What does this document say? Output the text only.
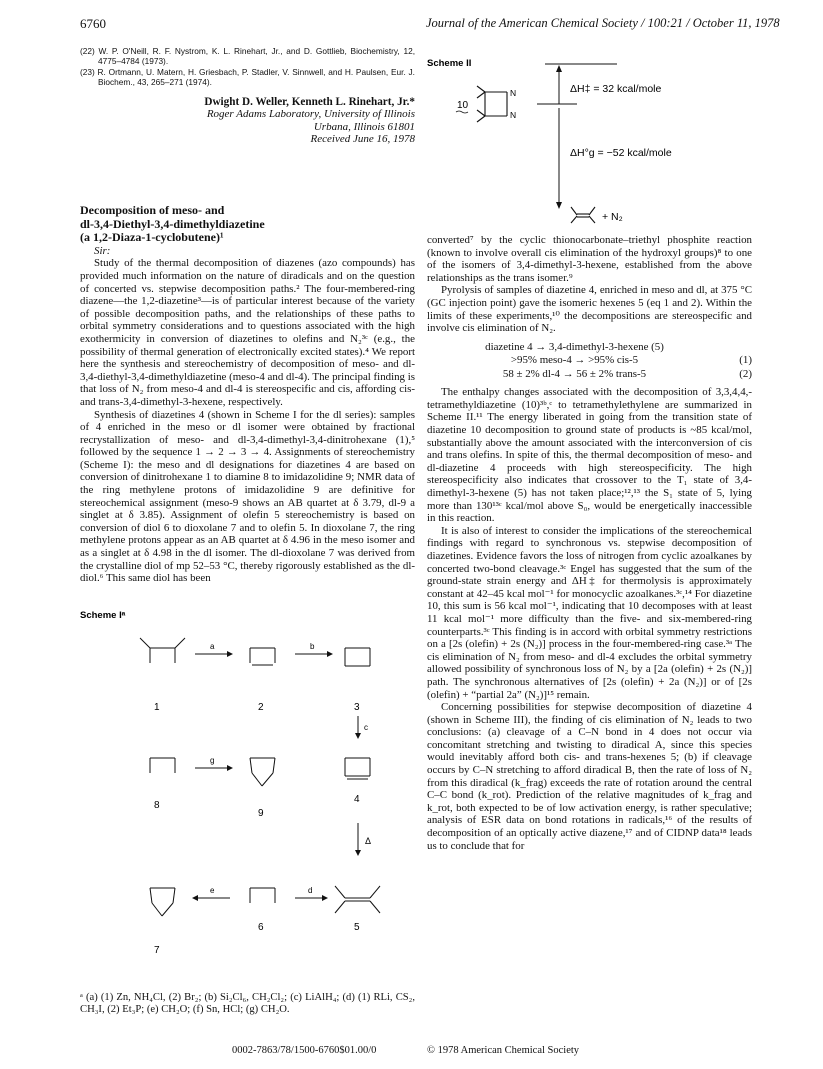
6760	Journal of the American Chemical Society / 100:21 / October 11, 1978
(22) W. P. O'Neill, R. F. Nystrom, K. L. Rinehart, Jr., and D. Gottlieb, Biochemistry, 12, 4775–4784 (1973).
(23) R. Ortmann, U. Matern, H. Griesbach, P. Stadler, V. Sinnwell, and H. Paulsen, Eur. J. Biochem., 43, 265–271 (1974).
Dwight D. Weller, Kenneth L. Rinehart, Jr.*
Roger Adams Laboratory, University of Illinois
Urbana, Illinois 61801
Received June 16, 1978
Decomposition of meso- and
dl-3,4-Diethyl-3,4-dimethyldiazetine
(a 1,2-Diaza-1-cyclobutene)¹

Sir:

Study of the thermal decomposition of diazenes (azo compounds) has provided much information on the nature of diradicals and on the question of concerted vs. stepwise decomposition paths.² The four-membered-ring diazene—the 1,2-diazetine³—is of particular interest because of the variety of possible decomposition paths, and the relationships of these paths to orbital symmetry considerations and to questions associated with the high exothermicity in conversion of diazetines to olefins and N₂³ᶜ (e.g., the possibility of thermal generation of electronically excited states).⁴ We report here the synthesis and stereochemistry of decomposition of meso- and dl-3,4-diethyl-3,4-dimethyldiazetine (meso-4 and dl-4). The principal finding is that loss of N₂ from meso-4 and dl-4 is stereospecific and cis, affording cis- and trans-3,4-dimethyl-3-hexene, respectively.

Synthesis of diazetines 4 (shown in Scheme I for the dl series): samples of 4 enriched in the meso or dl isomer were obtained by fractional recrystallization of meso- and dl-3,4-dimethyl-3,4-dinitrohexane (1),⁵ followed by the sequence 1 → 2 → 3 → 4. Assignments of stereochemistry (Scheme I): the meso and dl designations for diazetines 4 are based on conversion of dinitrohexane 1 to diamine 8 to imidazolidine 9; NMR data of the ring methylene protons of imidazolidine 9 are definitive for stereochemical assignment (meso-9 shows an AB quartet at δ 3.79, dl-9 a singlet at δ 3.85). Assignment of olefin 5 stereochemistry is based on conversion of diol 6 to dioxolane 7 and to olefin 5. In dioxolane 7, the ring methylene protons appear as an AB quartet at δ 4.96 in the meso isomer and as a singlet at δ 4.98 in the dl isomer. The dl-dioxolane 7 was derived from the crystalline diol of mp 52–53 °C, thereby rigorously established as the dl-diol.⁶ This same diol has been

Scheme II
N
N
10
ΔH‡ = 32 kcal/mole
ΔH°g = −52 kcal/mole
+ N₂

converted⁷ by the cyclic thionocarbonate–triethyl phosphite reaction (known to involve overall cis elimination of the hydroxyl groups)⁸ to one of the isomers of 3,4-dimethyl-3-hexene, established from the above relationships as the trans isomer.⁹

Pyrolysis of samples of diazetine 4, enriched in meso and dl, at 375 °C (GC injection point) gave the isomeric hexenes 5 (eq 1 and 2). Within the limits of these experiments,¹⁰ the decompositions are stereospecific and involve cis elimination of N₂.

diazetine 4 → 3,4-dimethyl-3-hexene (5)
>95% meso-4 → >95% cis-5	(1)
58 ± 2% dl-4 → 56 ± 2% trans-5	(2)

The enthalpy changes associated with the decomposition of 3,3,4,4,-tetramethyldiazetine (10)³ᵇ,ᶜ to tetramethylethylene are summarized in Scheme II.¹¹ The energy liberated in going from the transition state of diazetine 10 decomposition to ground state of products is ~85 kcal/mol, substantially above the amount associated with the interconversion of cis and trans olefins. In spite of this, the thermal decomposition of meso- and dl-diazetine 4 proceeds with high stereospecificity. The high stereospecificity also indicates that crossover to the T₁ state of 3,4-dimethyl-3-hexene (5) has not taken place;¹²,¹³ the S₁ state of 5, lying more than 130¹³ᶜ kcal/mol above S₀, would be energetically inaccessible in this reaction.

It is also of interest to consider the implications of the stereochemical findings with regard to synchronous vs. stepwise decomposition of diazetines. Evidence favors the loss of nitrogen from cyclic azoalkanes by concerted two-bond cleavage.³ᶜ Engel has suggested that the sum of the ground-state strain energy and ΔH‡ for thermolysis is approximately constant at 42–45 kcal mol⁻¹ for monocyclic azoalkanes.³ᶜ,¹⁴ For diazetine 10, this sum is 56 kcal mol⁻¹, indicating that 10 decomposes with at least 11 kcal mol⁻¹ more difficulty than the five- and six-membered-ring counterparts.³ᶜ This finding is in accord with orbital symmetry restrictions on a [2s (olefin) + 2s (N₂)] process in the four-membered-ring case.³ᵃ The cis elimination of N₂ from meso- and dl-4 excludes the orbital symmetry allowed possibility of synchronous loss of N₂ by a [2a (olefin) + 2s (N₂)] path. The synchronous alternatives of [2s (olefin) + 2a (N₂)] or of [2s (olefin) + “partial 2a” (N₂)]¹⁵ remain.

Concerning possibilities for stepwise decomposition of diazetine 4 (shown in Scheme III), the finding of cis elimination of N₂ leads to two conclusions: (a) cleavage of a C–N bond in 4 does not occur via concomitant stretching and twisting to diradical A, since this species would inevitably afford both cis- and trans-hexenes 5; (b) if cleavage occurs by C–N stretching to afford diradical B, then the rate of loss of N₂ from this diradical (k_frag) exceeds the rate of rotation around the central C–C bond (k_rot). Prediction of the relative magnitudes of k_frag and k_rot, both expected to be of low activation energy, is rather speculative; analysis of ESR data on bond rotations in radicals,¹⁶ of the results of decomposition of an optically active diazene,¹⁷ and of CIDNP data¹⁸ leads us to conclude that for

Scheme Iᵃ
1	2	3
a	b
c
8
9
4
g
Δ
7
6	5
e	d
ᵃ (a) (1) Zn, NH₄Cl, (2) Br₂; (b) Si₂Cl₆, CH₂Cl₂; (c) LiAlH₄; (d) (1) RLi, CS₂, CH₃I, (2) Et₃P; (e) CH₂O; (f) Sn, HCl; (g) CH₂O.
0002-7863/78/1500-6760$01.00/0	© 1978 American Chemical Society
